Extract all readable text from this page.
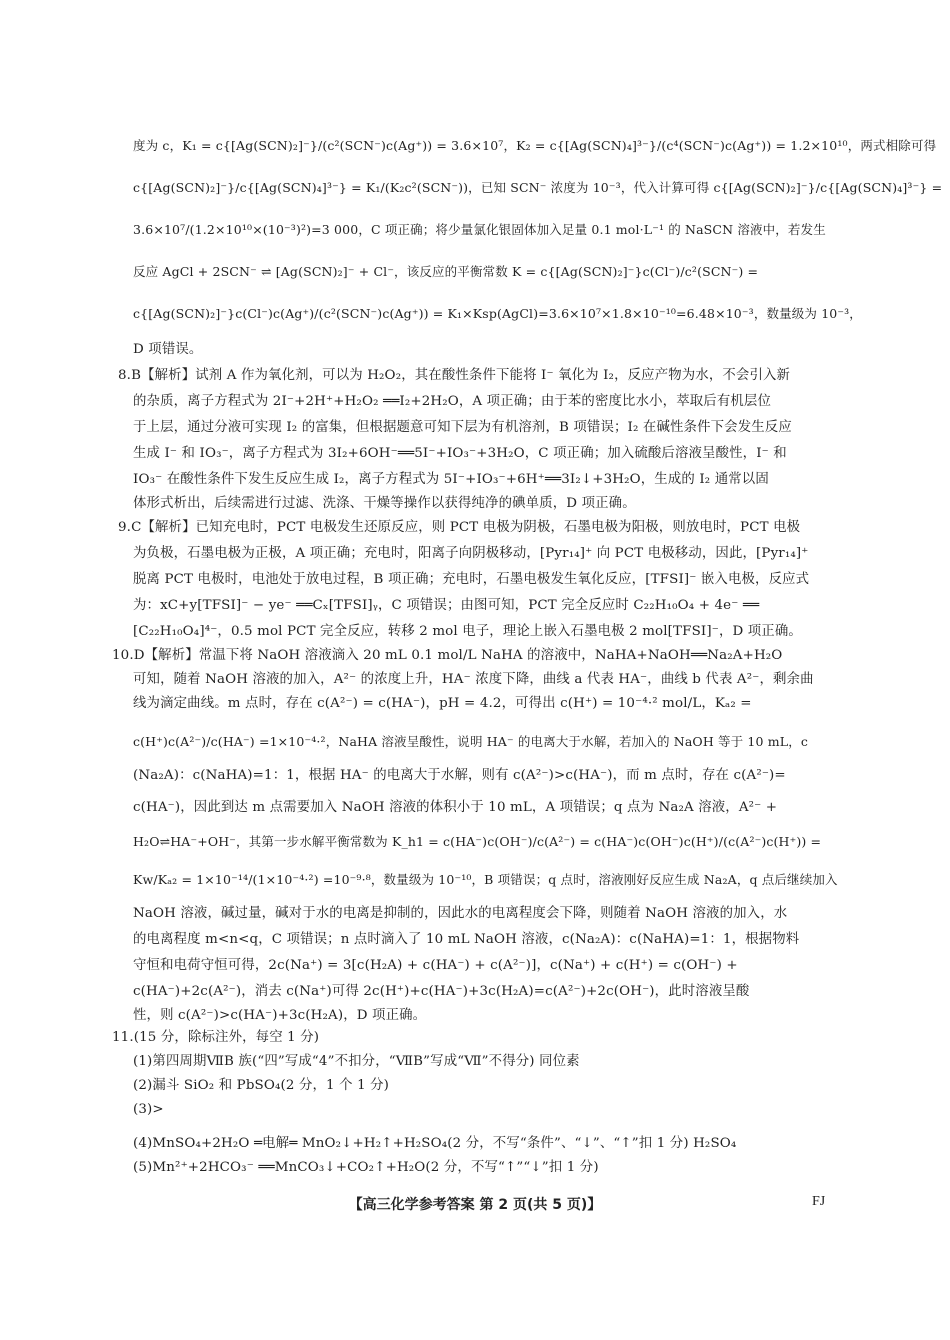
度为 c，K₁ = c{[Ag(SCN)₂]⁻}/(c²(SCN⁻)c(Ag⁺)) = 3.6×10⁷，K₂ = c{[Ag(SCN)₄]³⁻}/(c⁴(SCN⁻)c(Ag⁺)) = 1.2×10¹⁰，两式相除可得
c{[Ag(SCN)₂]⁻}/c{[Ag(SCN)₄]³⁻} = K₁/(K₂c²(SCN⁻))，已知 SCN⁻ 浓度为 10⁻³，代入计算可得 c{[Ag(SCN)₂]⁻}/c{[Ag(SCN)₄]³⁻} =
3.6×10⁷/(1.2×10¹⁰×(10⁻³)²)=3 000，C 项正确；将少量氯化银固体加入足量 0.1 mol·L⁻¹ 的 NaSCN 溶液中，若发生
反应 AgCl + 2SCN⁻ ⇌ [Ag(SCN)₂]⁻ + Cl⁻，该反应的平衡常数 K = c{[Ag(SCN)₂]⁻}c(Cl⁻)/c²(SCN⁻) =
c{[Ag(SCN)₂]⁻}c(Cl⁻)c(Ag⁺)/(c²(SCN⁻)c(Ag⁺)) = K₁×Ksp(AgCl)=3.6×10⁷×1.8×10⁻¹⁰=6.48×10⁻³，数量级为 10⁻³，
D 项错误。
8.B【解析】试剂 A 作为氧化剂，可以为 H₂O₂，其在酸性条件下能将 I⁻ 氧化为 I₂，反应产物为水，不会引入新
的杂质，离子方程式为 2I⁻+2H⁺+H₂O₂ ══I₂+2H₂O，A 项正确；由于苯的密度比水小，萃取后有机层位
于上层，通过分液可实现 I₂ 的富集，但根据题意可知下层为有机溶剂，B 项错误；I₂ 在碱性条件下会发生反应
生成 I⁻ 和 IO₃⁻，离子方程式为 3I₂+6OH⁻══5I⁻+IO₃⁻+3H₂O，C 项正确；加入硫酸后溶液呈酸性，I⁻ 和
IO₃⁻ 在酸性条件下发生反应生成 I₂，离子方程式为 5I⁻+IO₃⁻+6H⁺══3I₂↓+3H₂O，生成的 I₂ 通常以固
体形式析出，后续需进行过滤、洗涤、干燥等操作以获得纯净的碘单质，D 项正确。
9.C【解析】已知充电时，PCT 电极发生还原反应，则 PCT 电极为阴极，石墨电极为阳极，则放电时，PCT 电极
为负极，石墨电极为正极，A 项正确；充电时，阳离子向阴极移动，[Pyr₁₄]⁺ 向 PCT 电极移动，因此，[Pyr₁₄]⁺
脱离 PCT 电极时，电池处于放电过程，B 项正确；充电时，石墨电极发生氧化反应，[TFSI]⁻ 嵌入电极，反应式
为：xC+y[TFSI]⁻ − ye⁻ ══Cₓ[TFSI]ᵧ，C 项错误；由图可知，PCT 完全反应时 C₂₂H₁₀O₄ + 4e⁻ ══
[C₂₂H₁₀O₄]⁴⁻，0.5 mol PCT 完全反应，转移 2 mol 电子，理论上嵌入石墨电极 2 mol[TFSI]⁻，D 项正确。
10.D【解析】常温下将 NaOH 溶液滴入 20 mL 0.1 mol/L NaHA 的溶液中，NaHA+NaOH══Na₂A+H₂O
可知，随着 NaOH 溶液的加入，A²⁻ 的浓度上升，HA⁻ 浓度下降，曲线 a 代表 HA⁻，曲线 b 代表 A²⁻，剩余曲
线为滴定曲线。m 点时，存在 c(A²⁻) = c(HA⁻)，pH = 4.2，可得出 c(H⁺) = 10⁻⁴·² mol/L，Kₐ₂ =
c(H⁺)c(A²⁻)/c(HA⁻) =1×10⁻⁴·²，NaHA 溶液呈酸性，说明 HA⁻ 的电离大于水解，若加入的 NaOH 等于 10 mL，c
(Na₂A)：c(NaHA)=1：1，根据 HA⁻ 的电离大于水解，则有 c(A²⁻)>c(HA⁻)，而 m 点时，存在 c(A²⁻)=
c(HA⁻)，因此到达 m 点需要加入 NaOH 溶液的体积小于 10 mL，A 项错误；q 点为 Na₂A 溶液，A²⁻ +
H₂O⇌HA⁻+OH⁻，其第一步水解平衡常数为 K_h1 = c(HA⁻)c(OH⁻)/c(A²⁻) = c(HA⁻)c(OH⁻)c(H⁺)/(c(A²⁻)c(H⁺)) =
Kw/Kₐ₂ = 1×10⁻¹⁴/(1×10⁻⁴·²) =10⁻⁹·⁸，数量级为 10⁻¹⁰，B 项错误；q 点时，溶液刚好反应生成 Na₂A，q 点后继续加入
NaOH 溶液，碱过量，碱对于水的电离是抑制的，因此水的电离程度会下降，则随着 NaOH 溶液的加入，水
的电离程度 m<n<q，C 项错误；n 点时滴入了 10 mL NaOH 溶液，c(Na₂A)：c(NaHA)=1：1，根据物料
守恒和电荷守恒可得，2c(Na⁺) = 3[c(H₂A) + c(HA⁻) + c(A²⁻)]，c(Na⁺) + c(H⁺) = c(OH⁻) +
c(HA⁻)+2c(A²⁻)，消去 c(Na⁺)可得 2c(H⁺)+c(HA⁻)+3c(H₂A)=c(A²⁻)+2c(OH⁻)，此时溶液呈酸
性，则 c(A²⁻)>c(HA⁻)+3c(H₂A)，D 项正确。
11.(15 分，除标注外，每空 1 分)
(1)第四周期ⅦB 族(“四”写成“4”不扣分，“ⅦB”写成“Ⅶ”不得分) 同位素
(2)漏斗 SiO₂ 和 PbSO₄(2 分，1 个 1 分)
(3)>
(4)MnSO₄+2H₂O ═电解═ MnO₂↓+H₂↑+H₂SO₄(2 分，不写“条件”、“↓”、“↑”扣 1 分) H₂SO₄
(5)Mn²⁺+2HCO₃⁻ ══MnCO₃↓+CO₂↑+H₂O(2 分，不写“↑”“↓”扣 1 分)
【高三化学参考答案 第 2 页(共 5 页)】	FJ
